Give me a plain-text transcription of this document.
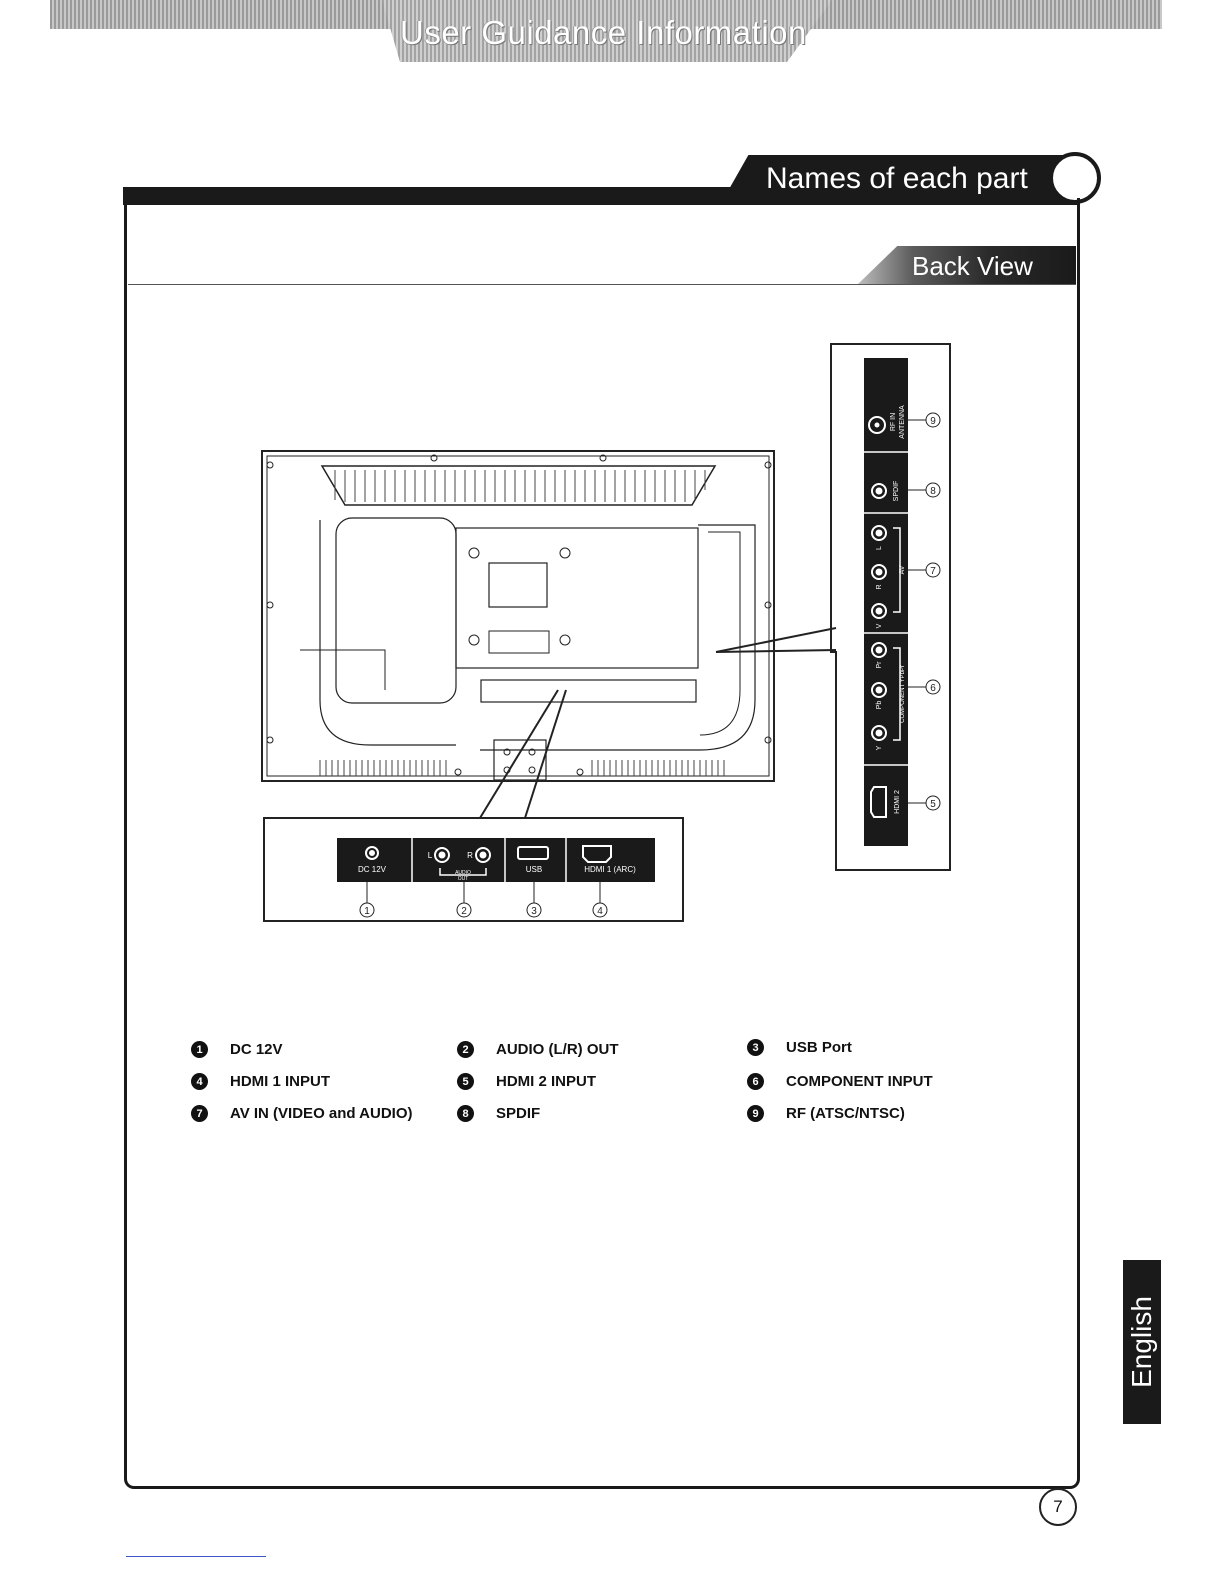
User Guidance Information
Names of each part
Back View
DC 12V
L	R
AUDIO
OUT
USB	HDMI 1 (ARC)
1	2	3	4
RF IN ANTENNA
SPDIF
L
R
V
AV
Pr
Pb
Y
COMPONENT YPbPr
HDMI 2
9
8
7
6
5
1	DC 12V	2	AUDIO (L/R) OUT	3	USB Port
4	HDMI 1 INPUT	5	HDMI 2 INPUT	6	COMPONENT INPUT
7	AV IN (VIDEO and AUDIO)	8	SPDIF	9	RF (ATSC/NTSC)
English
7
